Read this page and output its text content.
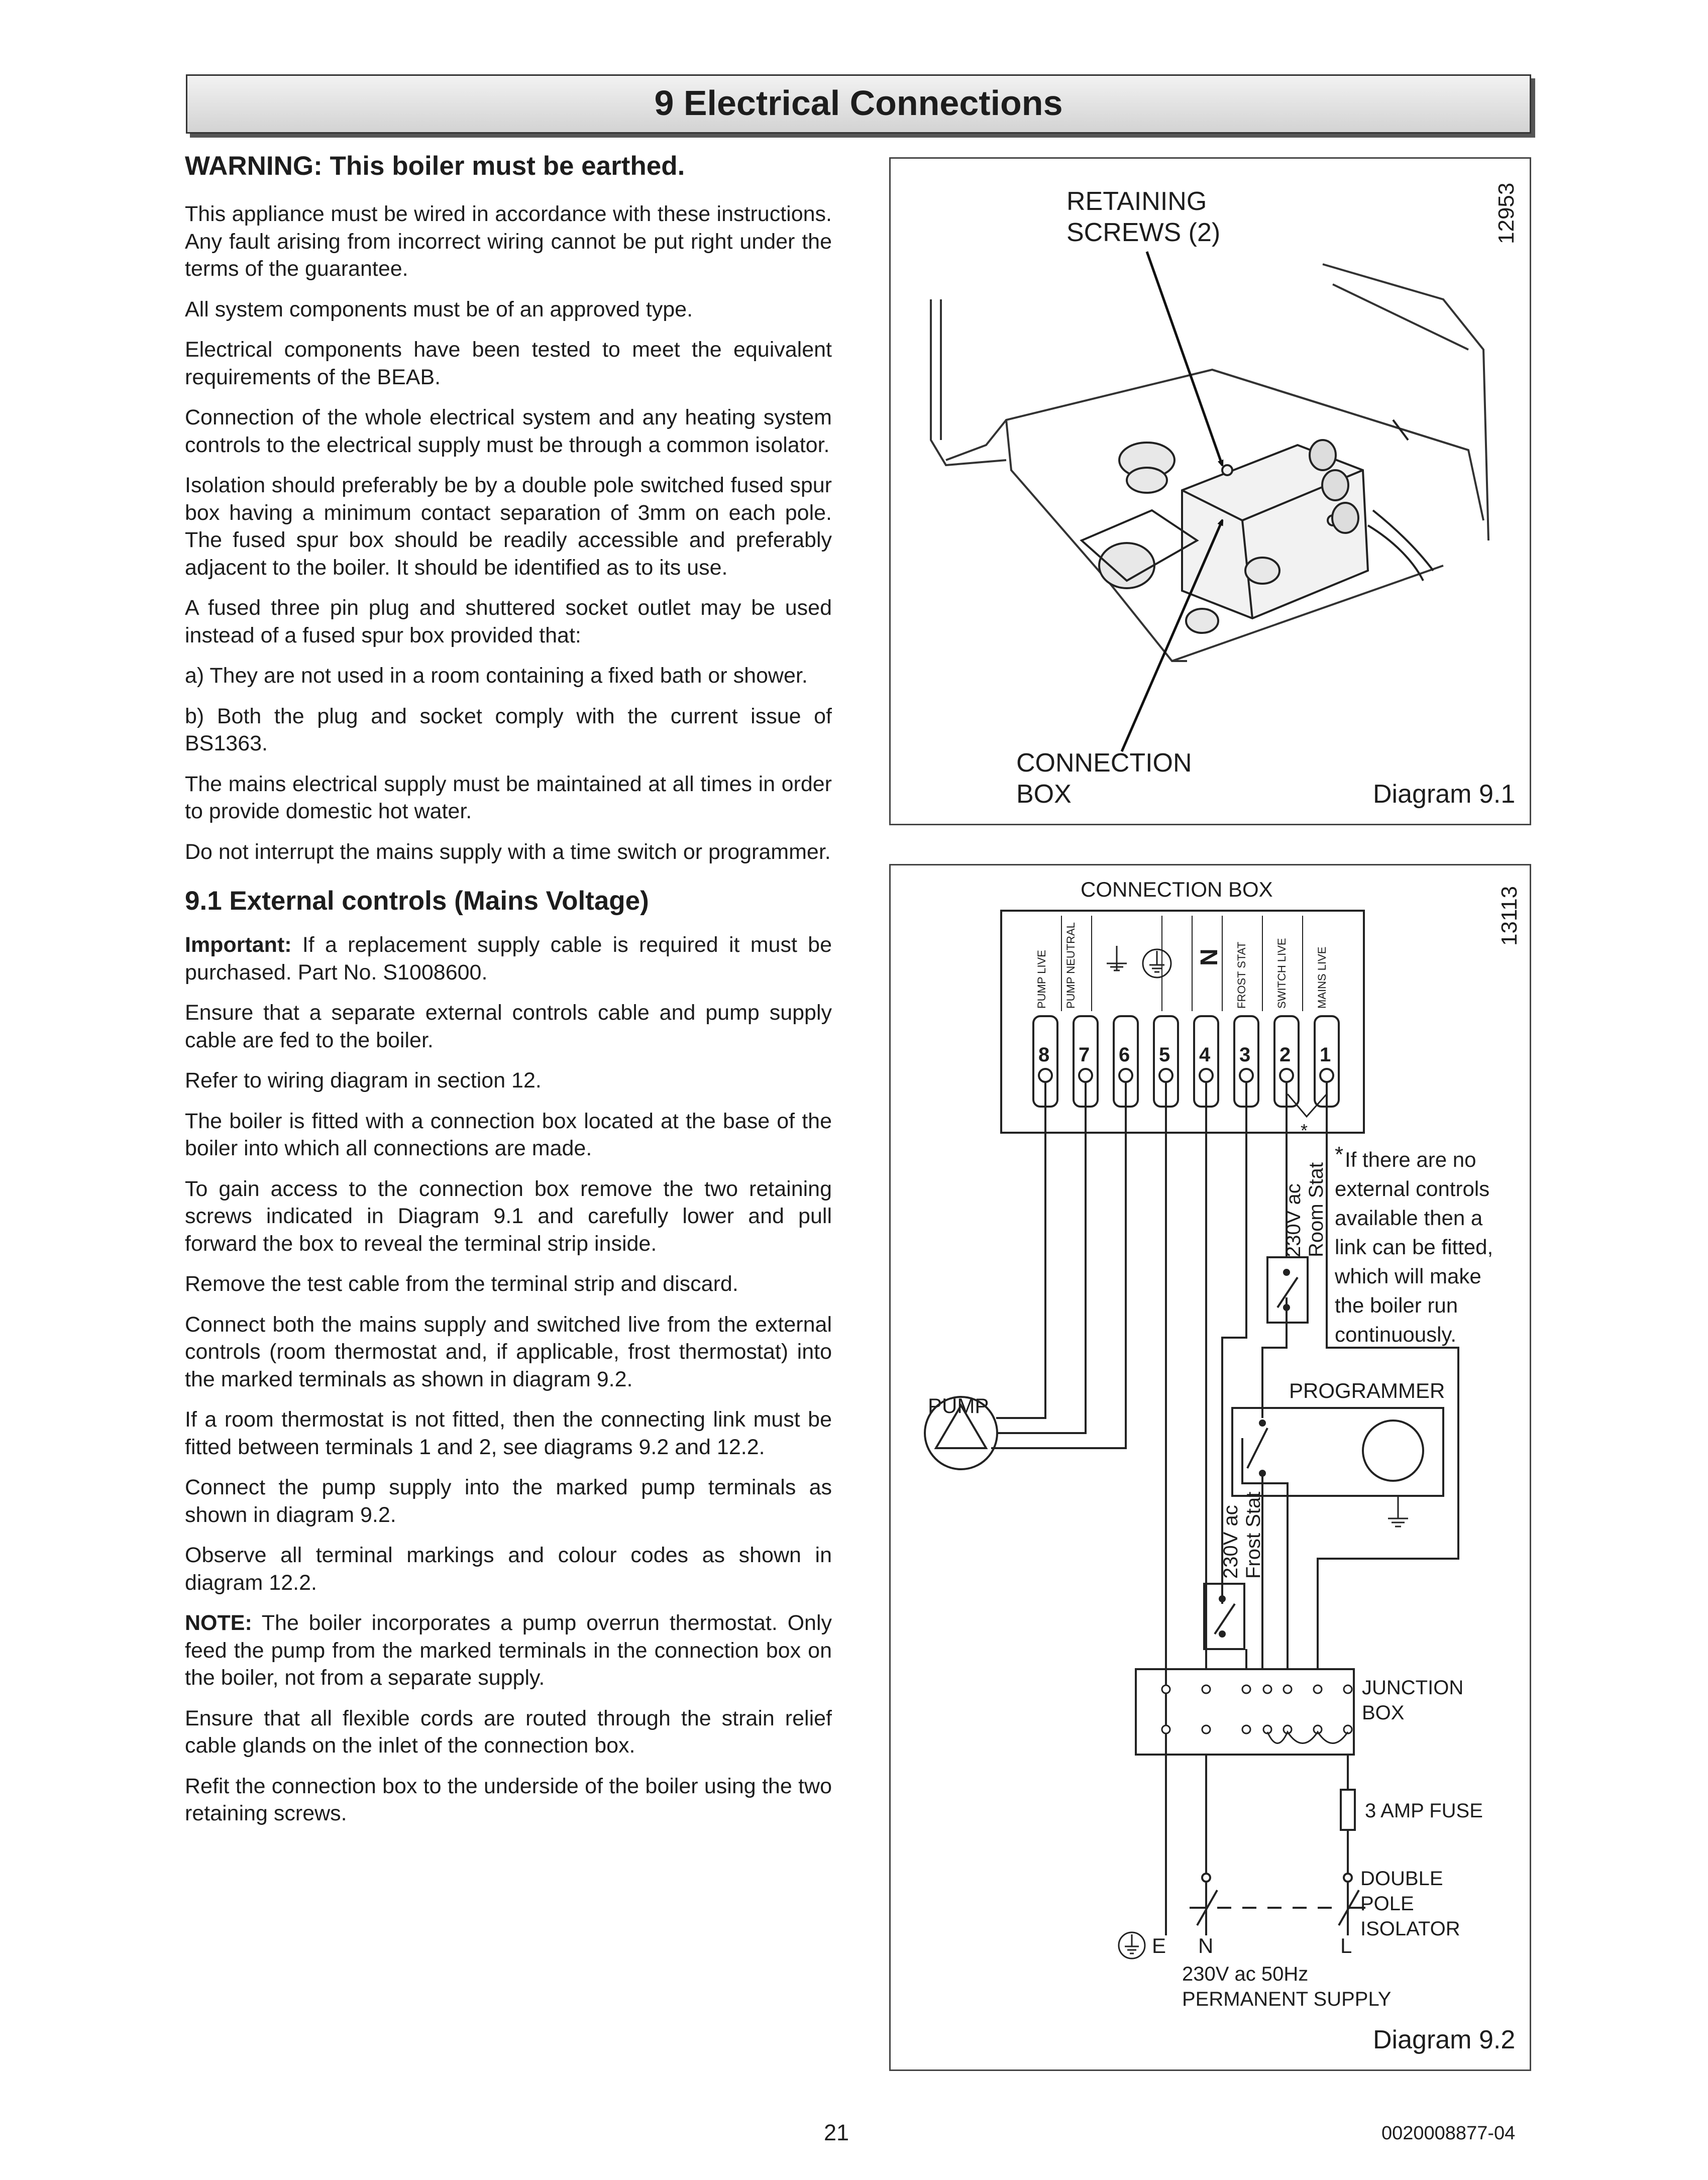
9 Electrical Connections
WARNING: This boiler must be earthed.

This appliance must be wired in accordance with these instructions. Any fault arising from incorrect wiring cannot be put right under the terms of the guarantee.

All system components must be of an approved type.

Electrical components have been tested to meet the equivalent requirements of the BEAB.

Connection of the whole electrical system and any heating system controls to the electrical supply must be through a common isolator.

Isolation should preferably be by a double pole switched fused spur box having a minimum contact separation of 3mm on each pole. The fused spur box should be readily accessible and preferably adjacent to the boiler. It should be identified as to its use.

A fused three pin plug and shuttered socket outlet may be used instead of a fused spur box provided that:

a) They are not used in a room containing a fixed bath or shower.

b) Both the plug and socket comply with the current issue of BS1363.

The mains electrical supply must be maintained at all times in order to provide domestic hot water.

Do not interrupt the mains supply with a time switch or programmer.

9.1 External controls (Mains Voltage)

Important: If a replacement supply cable is required it must be purchased. Part No. S1008600.

Ensure that a separate external controls cable and pump supply cable are fed to the boiler.

Refer to wiring diagram in section 12.

The boiler is fitted with a connection box located at the base of the boiler into which all connections are made.

To gain access to the connection box remove the two retaining screws indicated in Diagram 9.1 and carefully lower and pull forward the box to reveal the terminal strip inside.

Remove the test cable from the terminal strip and discard.

Connect both the mains supply and switched live from the external controls (room thermostat and, if applicable, frost thermostat) into the marked terminals as shown in diagram 9.2.

If a room thermostat is not fitted, then the connecting link must be fitted between terminals 1 and 2, see diagrams 9.2 and 12.2.

Connect the pump supply into the marked pump terminals as shown in diagram 9.2.

Observe all terminal markings and colour codes as shown in diagram 12.2.

NOTE: The boiler incorporates a pump overrun thermostat. Only feed the pump from the marked terminals in the connection box on the boiler, not from a separate supply.

Ensure that all flexible cords are routed through the strain relief cable glands on the inlet of the connection box.

Refit the connection box to the underside of the boiler using the two retaining screws.

RETAINING
SCREWS (2)	12953
CONNECTION
BOX	Diagram 9.1
CONNECTION BOX	13113
PUMP LIVE PUMP NEUTRAL	FROST STAT	SWITCH LIVE	MAINS LIVE
N
8 7 6 5 4 3 2 1
*
* If there are no
external controls
available then a
link can be fitted,
which will make
the boiler run
continuously.
230V ac Room Stat
PUMP
PROGRAMMER
230V ac Frost Stat
JUNCTION
BOX
3 AMP FUSE
DOUBLE
POLE
ISOLATOR
E N	L
230V ac 50Hz
PERMANENT SUPPLY
Diagram 9.2
21	0020008877-04
